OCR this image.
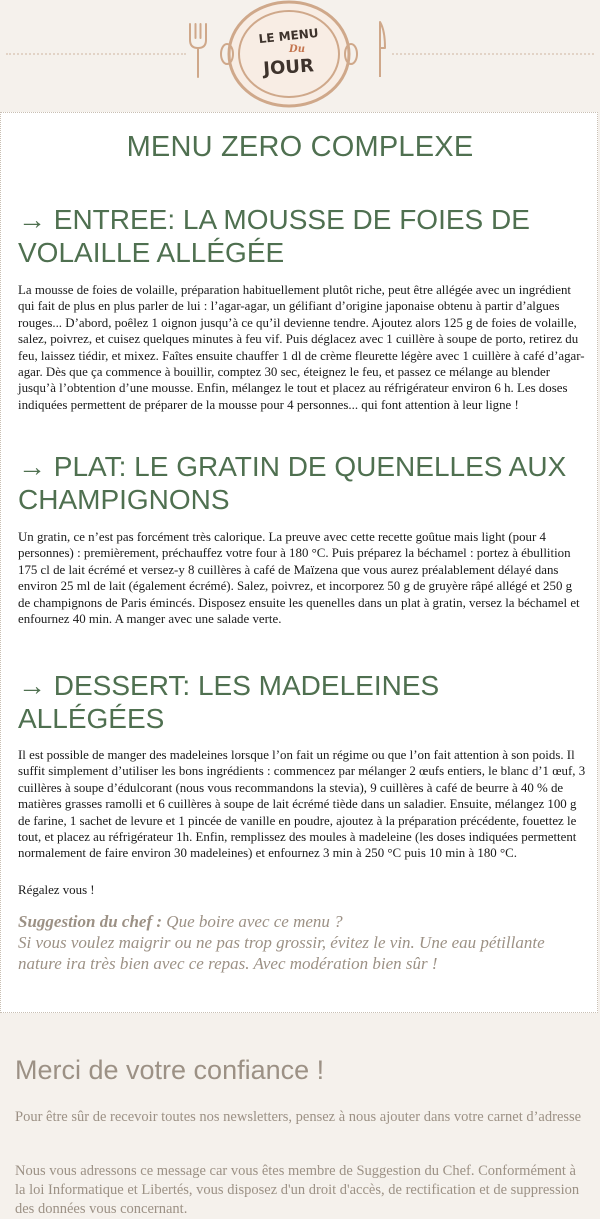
LE MENU
Du
JOUR
MENU ZERO COMPLEXE
→ ENTREE: LA MOUSSE DE FOIES DE VOLAILLE ALLÉGÉE
La mousse de foies de volaille, préparation habituellement plutôt riche, peut être allégée avec un ingrédient qui fait de plus en plus parler de lui : l’agar-agar, un gélifiant d’origine japonaise obtenu à partir d’algues rouges... D’abord, poêlez 1 oignon jusqu’à ce qu’il devienne tendre. Ajoutez alors 125 g de foies de volaille, salez, poivrez, et cuisez quelques minutes à feu vif. Puis déglacez avec 1 cuillère à soupe de porto, retirez du feu, laissez tiédir, et mixez. Faîtes ensuite chauffer 1 dl de crème fleurette légère avec 1 cuillère à café d’agar-agar. Dès que ça commence à bouillir, comptez 30 sec, éteignez le feu, et passez ce mélange au blender jusqu’à l’obtention d’une mousse. Enfin, mélangez le tout et placez au réfrigérateur environ 6 h. Les doses indiquées permettent de préparer de la mousse pour 4 personnes... qui font attention à leur ligne !
→ PLAT: LE GRATIN DE QUENELLES AUX CHAMPIGNONS
Un gratin, ce n’est pas forcément très calorique. La preuve avec cette recette goûtue mais light (pour 4 personnes) : premièrement, préchauffez votre four à 180 °C. Puis préparez la béchamel : portez à ébullition 175 cl de lait écrémé et versez-y 8 cuillères à café de Maïzena que vous aurez préalablement délayé dans environ 25 ml de lait (également écrémé). Salez, poivrez, et incorporez 50 g de gruyère râpé allégé et 250 g de champignons de Paris émincés. Disposez ensuite les quenelles dans un plat à gratin, versez la béchamel et enfournez 40 min. A manger avec une salade verte.
→ DESSERT: LES MADELEINES ALLÉGÉES
Il est possible de manger des madeleines lorsque l’on fait un régime ou que l’on fait attention à son poids. Il suffit simplement d’utiliser les bons ingrédients : commencez par mélanger 2 œufs entiers, le blanc d’1 œuf, 3 cuillères à soupe d’édulcorant (nous vous recommandons la stevia), 9 cuillères à café de beurre à 40 % de matières grasses ramolli et 6 cuillères à soupe de lait écrémé tiède dans un saladier. Ensuite, mélangez 100 g de farine, 1 sachet de levure et 1 pincée de vanille en poudre, ajoutez à la préparation précédente, fouettez le tout, et placez au réfrigérateur 1h. Enfin, remplissez des moules à madeleine (les doses indiquées permettent normalement de faire environ 30 madeleines) et enfournez 3 min à 250 °C puis 10 min à 180 °C.
Régalez vous !
Suggestion du chef : Que boire avec ce menu ?
Si vous voulez maigrir ou ne pas trop grossir, évitez le vin. Une eau pétillante nature ira très bien avec ce repas. Avec modération bien sûr !
Merci de votre confiance !
Pour être sûr de recevoir toutes nos newsletters, pensez à nous ajouter dans votre carnet d’adresse
Nous vous adressons ce message car vous êtes membre de Suggestion du Chef. Conformément à la loi Informatique et Libertés, vous disposez d'un droit d'accès, de rectification et de suppression des données vous concernant.
